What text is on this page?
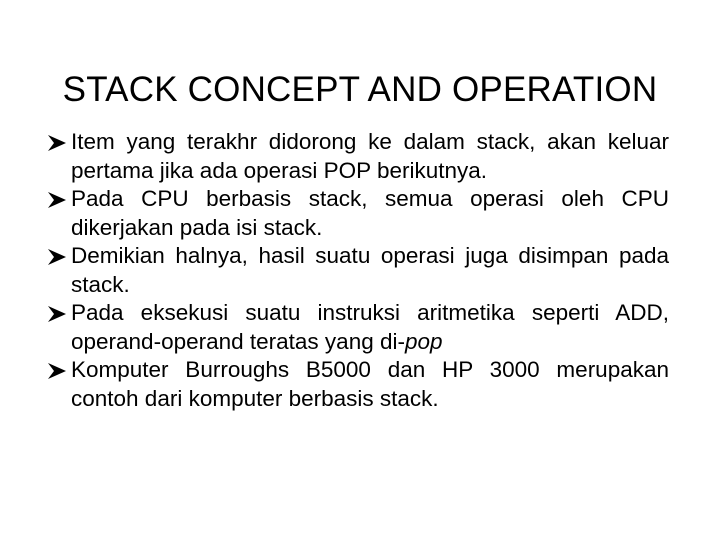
STACK CONCEPT AND OPERATION
Item yang terakhr didorong ke dalam stack, akan keluar pertama jika ada operasi POP berikutnya.
Pada CPU berbasis stack, semua operasi oleh CPU dikerjakan pada isi stack.
Demikian halnya, hasil suatu operasi juga disimpan pada stack.
Pada eksekusi suatu instruksi aritmetika seperti ADD, operand-operand teratas yang di-pop
Komputer Burroughs B5000 dan HP 3000 merupakan contoh dari komputer berbasis stack.
